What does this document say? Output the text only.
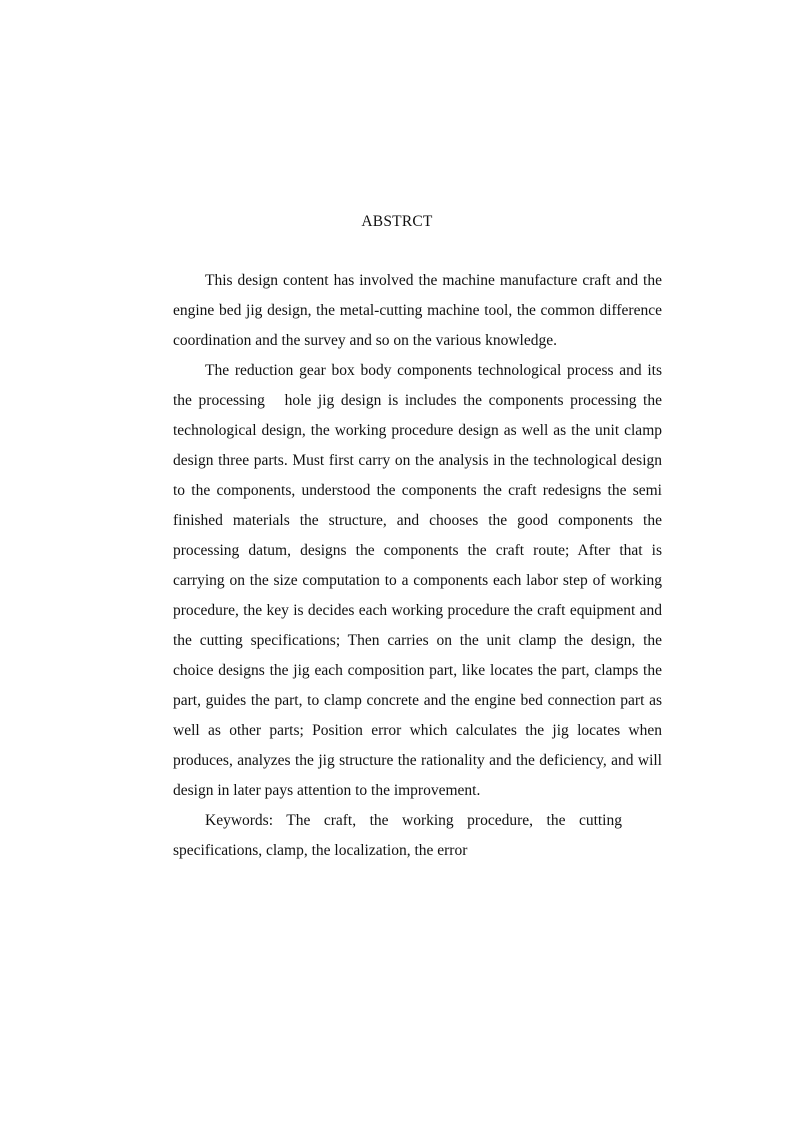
ABSTRCT

This design content has involved the machine manufacture craft and the engine bed jig design, the metal-cutting machine tool, the common difference coordination and the survey and so on the various knowledge.

The reduction gear box body components technological process and its the processing   hole jig design is includes the components processing the technological design, the working procedure design as well as the unit clamp design three parts. Must first carry on the analysis in the technological design to the components, understood the components the craft redesigns the semi finished materials the structure, and chooses the good components the processing datum, designs the components the craft route; After that is carrying on the size computation to a components each labor step of working procedure, the key is decides each working procedure the craft equipment and the cutting specifications; Then carries on the unit clamp the design, the choice designs the jig each composition part, like locates the part, clamps the part, guides the part, to clamp concrete and the engine bed connection part as well as other parts; Position error which calculates the jig locates when produces, analyzes the jig structure the rationality and the deficiency, and will design in later pays attention to the improvement.

Keywords: The craft, the working procedure, the cutting specifications, clamp, the localization, the error
